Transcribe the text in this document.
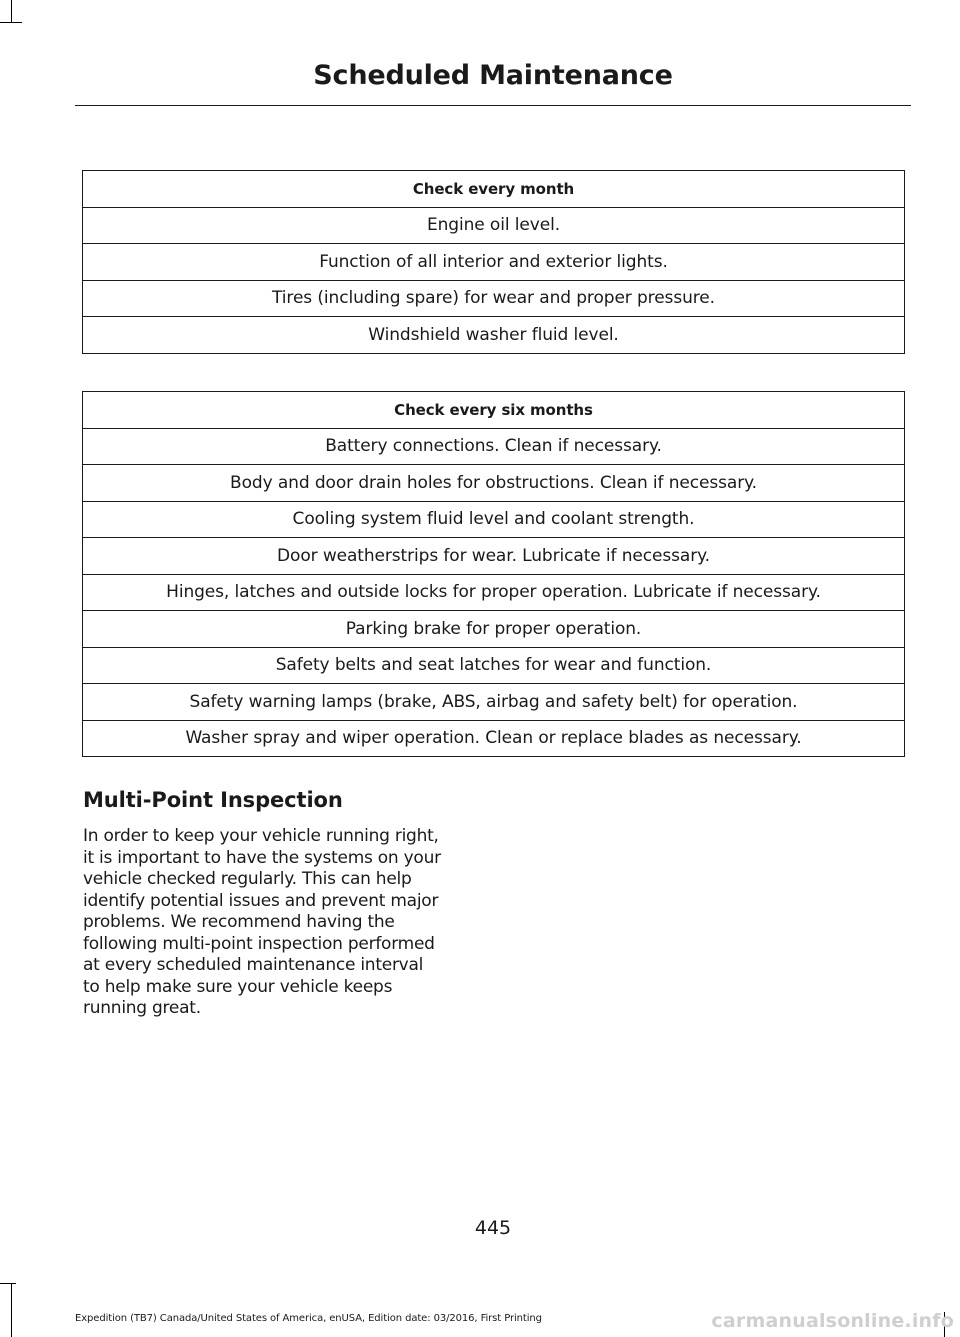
Scheduled Maintenance
Check every month
Engine oil level.
Function of all interior and exterior lights.
Tires (including spare) for wear and proper pressure.
Windshield washer fluid level.
Check every six months
Battery connections. Clean if necessary.
Body and door drain holes for obstructions. Clean if necessary.
Cooling system fluid level and coolant strength.
Door weatherstrips for wear. Lubricate if necessary.
Hinges, latches and outside locks for proper operation. Lubricate if necessary.
Parking brake for proper operation.
Safety belts and seat latches for wear and function.
Safety warning lamps (brake, ABS, airbag and safety belt) for operation.
Washer spray and wiper operation. Clean or replace blades as necessary.
Multi-Point Inspection
In order to keep your vehicle running right,
it is important to have the systems on your
vehicle checked regularly. This can help
identify potential issues and prevent major
problems. We recommend having the
following multi-point inspection performed
at every scheduled maintenance interval
to help make sure your vehicle keeps
running great.
445
Expedition (TB7) Canada/United States of America, enUSA, Edition date: 03/2016, First Printing	carmanualsonline.info
